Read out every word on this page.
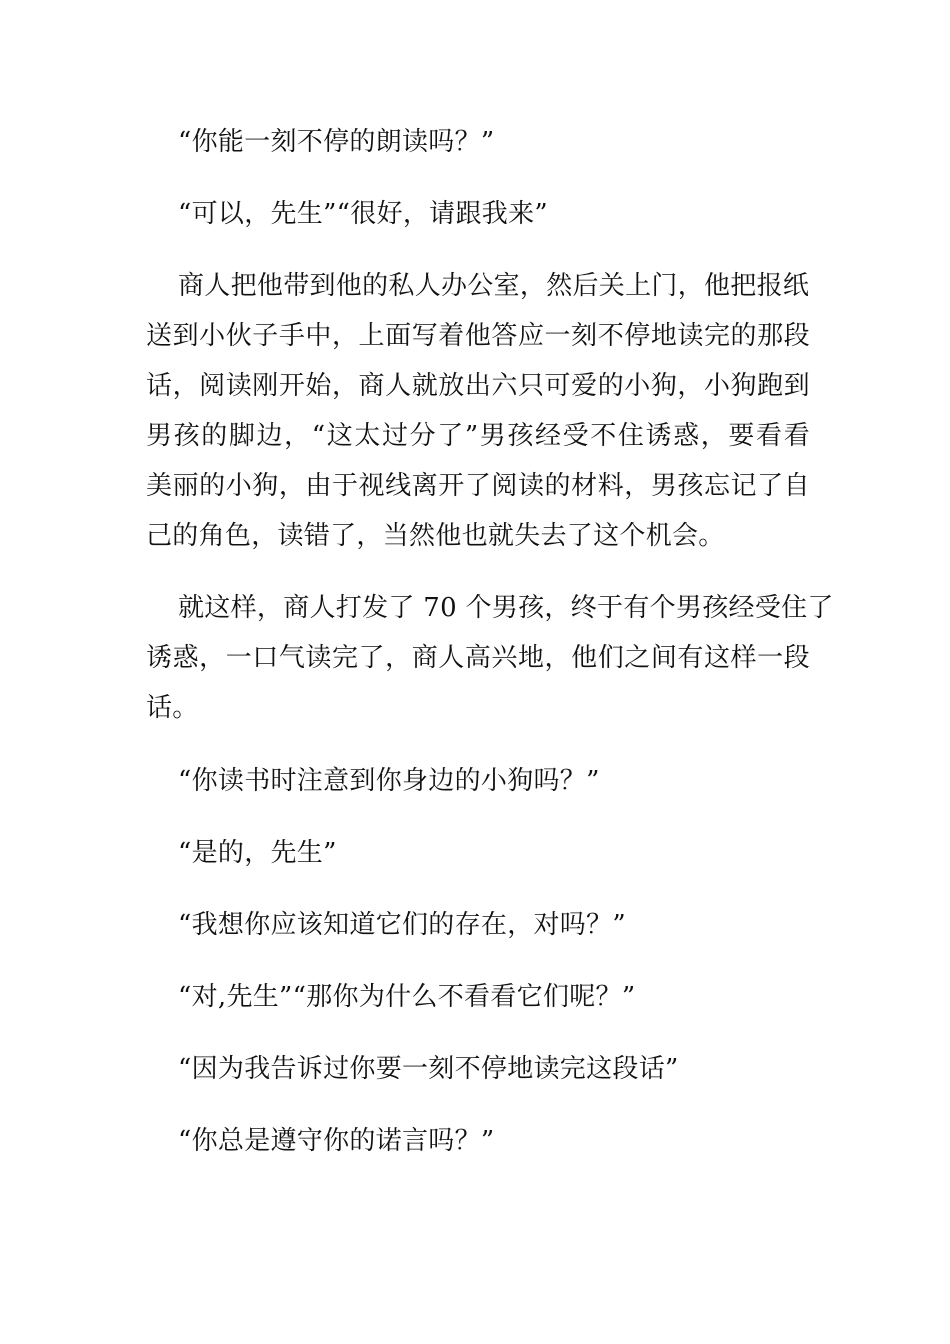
“你能一刻不停的朗读吗？”
“可以，先生”“很好，请跟我来”
商人把他带到他的私人办公室，然后关上门，他把报纸
送到小伙子手中，上面写着他答应一刻不停地读完的那段
话，阅读刚开始，商人就放出六只可爱的小狗，小狗跑到
男孩的脚边，“这太过分了”男孩经受不住诱惑，要看看
美丽的小狗，由于视线离开了阅读的材料，男孩忘记了自
己的角色，读错了，当然他也就失去了这个机会。
就这样，商人打发了 70 个男孩，终于有个男孩经受住了
诱惑，一口气读完了，商人高兴地，他们之间有这样一段
话。
“你读书时注意到你身边的小狗吗？”
“是的，先生”
“我想你应该知道它们的存在，对吗？”
“对,先生”“那你为什么不看看它们呢？”
“因为我告诉过你要一刻不停地读完这段话”
“你总是遵守你的诺言吗？”
